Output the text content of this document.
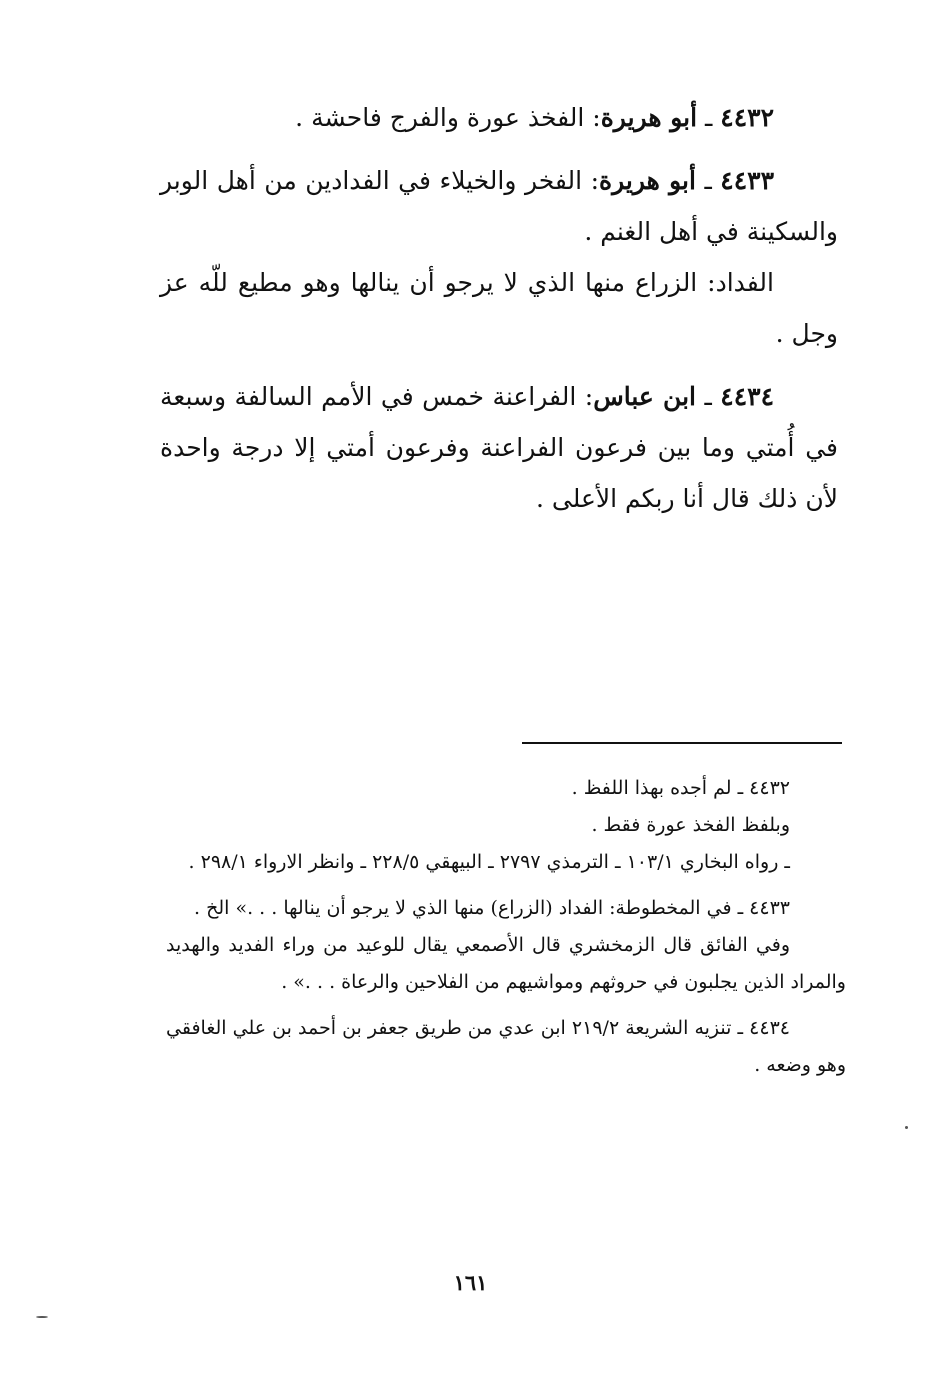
٤٤٣٢ ـ أبو هريرة: الفخذ عورة والفرج فاحشة .

٤٤٣٣ ـ أبو هريرة: الفخر والخيلاء في الفدادين من أهل الوبر والسكينة في أهل الغنم .

الفداد: الزراع منها الذي لا يرجو أن ينالها وهو مطيع للّه عز وجل .

٤٤٣٤ ـ ابن عباس: الفراعنة خمس في الأمم السالفة وسبعة في أُمتي وما بين فرعون الفراعنة وفرعون أمتي إلا درجة واحدة لأن ذلك قال أنا ربكم الأعلى .

٤٤٣٢ ـ لم أجده بهذا اللفظ .

وبلفظ الفخذ عورة فقط .

ـ رواه البخاري ١٠٣/١ ـ الترمذي ٢٧٩٧ ـ البيهقي ٢٢٨/٥ ـ وانظر الارواء ٢٩٨/١ .

٤٤٣٣ ـ في المخطوطة: الفداد (الزراع) منها الذي لا يرجو أن ينالها . . .» الخ .

وفي الفائق قال الزمخشري قال الأصمعي يقال للوعيد من وراء الفديد والهديد والمراد الذين يجلبون في حروثهم ومواشيهم من الفلاحين والرعاة . . .» .

٤٤٣٤ ـ تنزيه الشريعة ٢١٩/٢ ابن عدي من طريق جعفر بن أحمد بن علي الغافقي وهو وضعه .

١٦١
